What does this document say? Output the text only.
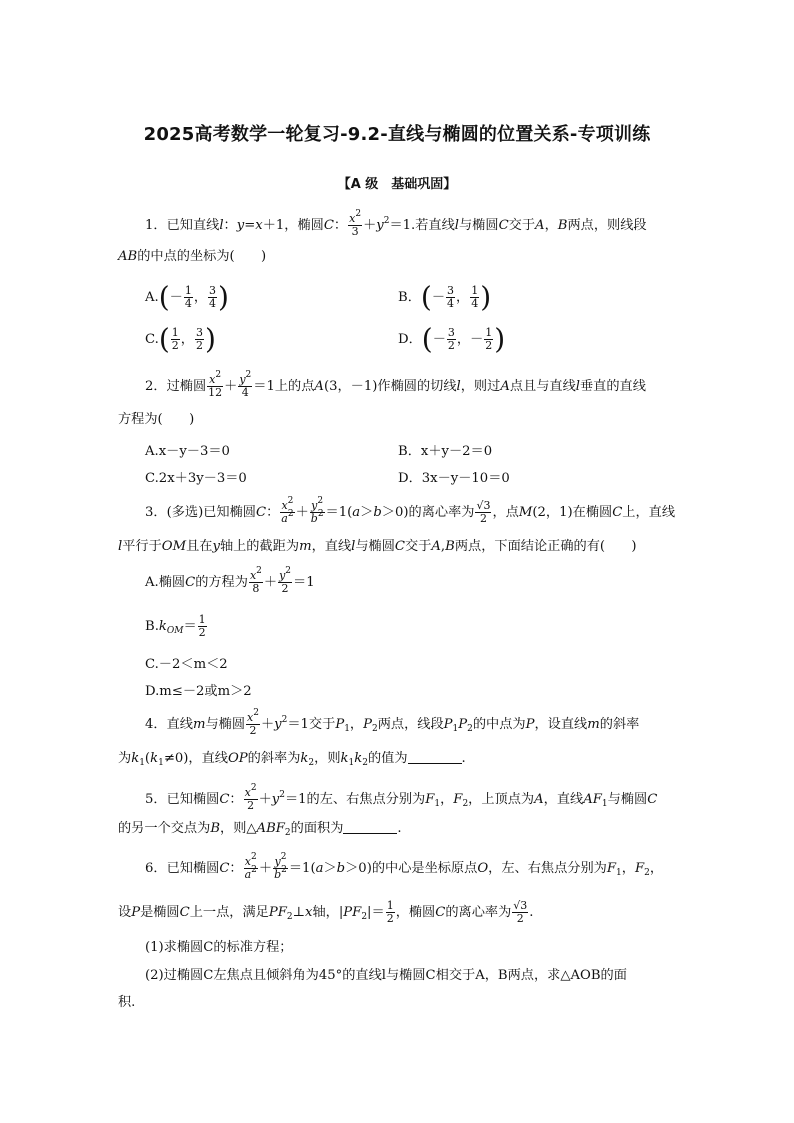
2025高考数学一轮复习-9.2-直线与椭圆的位置关系-专项训练
【A 级　基础巩固】
1．已知直线l：y=x＋1，椭圆C： $\frac{x^2}{3} +y^2=1$.若直线l与椭圆C交于A，B两点，则线段
AB的中点的坐标为(　　)
$A.(- \frac{1}{4}$ ， $\frac{3}{4}$ )	B．(－ $\frac{3}{4}$ ， $\frac{1}{4}$ )
$C.( \frac{1}{2}$ ， $\frac{3}{2}$ )	D．(－ $\frac{3}{2}$ ，－ $\frac{1}{2}$ )
2．过椭圆 $\frac{x^2}{12} + \frac{y^2}{4} =1$上的点A(3，－1)作椭圆的切线l，则过A点且与直线l垂直的直线
方程为(　　)
A.x－y－3＝0	B．x＋y－2＝0
C.2x＋3y－3＝0	D．3x－y－10＝0
3．(多选)已知椭圆C： $\frac{x^2}{a^2} + \frac{y^2}{b^2} =1(a>b>0)$的离心率为 $\frac{√3}{2}$ ，点M(2，1)在椭圆C上，直线
l平行于OM且在y轴上的截距为m，直线l与椭圆C交于A,B两点，下面结论正确的有(　　)
A.椭圆C的方程为 $\frac{x^2}{8} + \frac{y^2}{2} =1$
$B.k_{OM}= \frac{1}{2}$
C.－2＜m＜2
D.m≤－2或m＞2
4．直线m与椭圆 $\frac{x^2}{2} +y^2=1$交于$P_1$，$P_2$两点，线段$P_1P_2$的中点为P，设直线m的斜率
为$k_1(k_1\ne 0)$，直线OP的斜率为$k_2$，则$k_1k_2$的值为	.
5．已知椭圆C： $\frac{x^2}{2} +y^2=1$的左、右焦点分别为$F_1$，$F_2$，上顶点为A，直线$AF_1$与椭圆C
的另一个交点为B，则$\triangle ABF_2$的面积为	.
6．已知椭圆C： $\frac{x^2}{a^2} + \frac{y^2}{b^2} =1(a>b>0)$的中心是坐标原点O，左、右焦点分别为$F_1$，$F_2$，
设P是椭圆C上一点，满足$PF_2\perp x$轴，$|PF_2|= \frac{1}{2}$ ，椭圆C的离心率为 $\frac{√3}{2}$ .
(1)求椭圆C的标准方程；
(2)过椭圆C左焦点且倾斜角为45°的直线l与椭圆C相交于A，B两点，求△AOB的面
积.
